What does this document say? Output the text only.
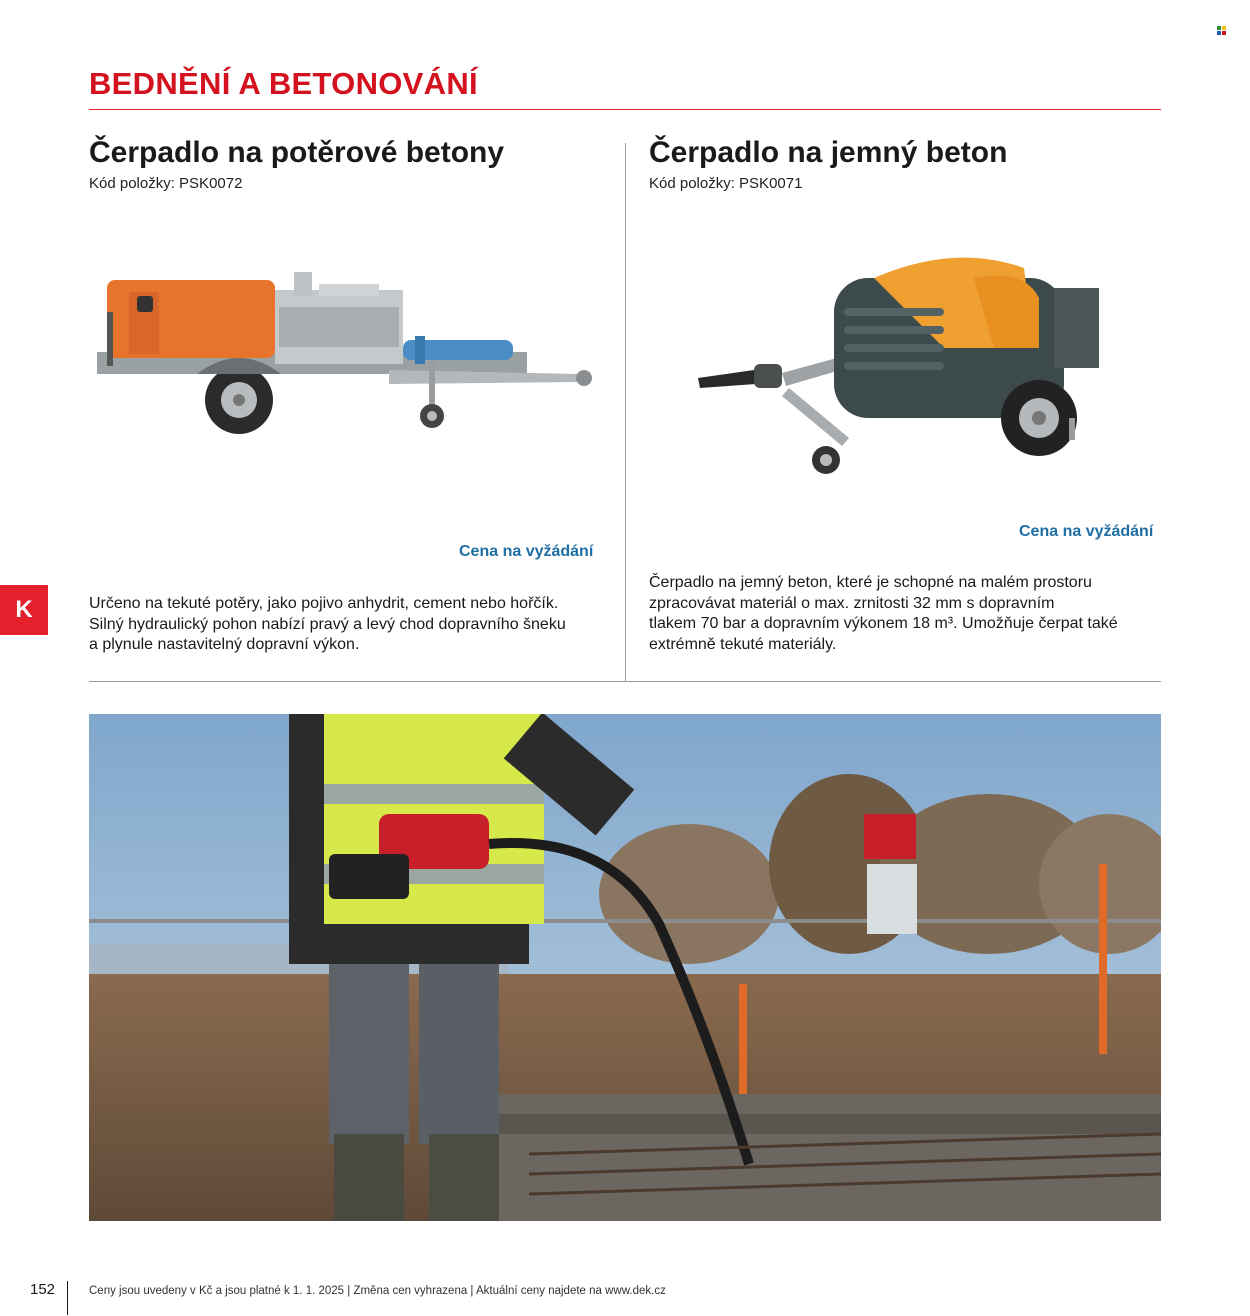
BEDNĚNÍ A BETONOVÁNÍ
Čerpadlo na potěrové betony
Kód položky: PSK0072
Cena na vyžádání
Určeno na tekuté potěry, jako pojivo anhydrit, cement nebo hořčík.
Silný hydraulický pohon nabízí pravý a levý chod dopravního šneku
a plynule nastavitelný dopravní výkon.
Čerpadlo na jemný beton
Kód položky: PSK0071
Cena na vyžádání
Čerpadlo na jemný beton, které je schopné na malém prostoru
zpracovávat materiál o max. zrnitosti 32 mm s dopravním
tlakem 70 bar a dopravním výkonem 18 m³. Umožňuje čerpat také
extrémně tekuté materiály.
K
152	Ceny jsou uvedeny v Kč a jsou platné k 1. 1. 2025 | Změna cen vyhrazena | Aktuální ceny najdete na www.dek.cz
